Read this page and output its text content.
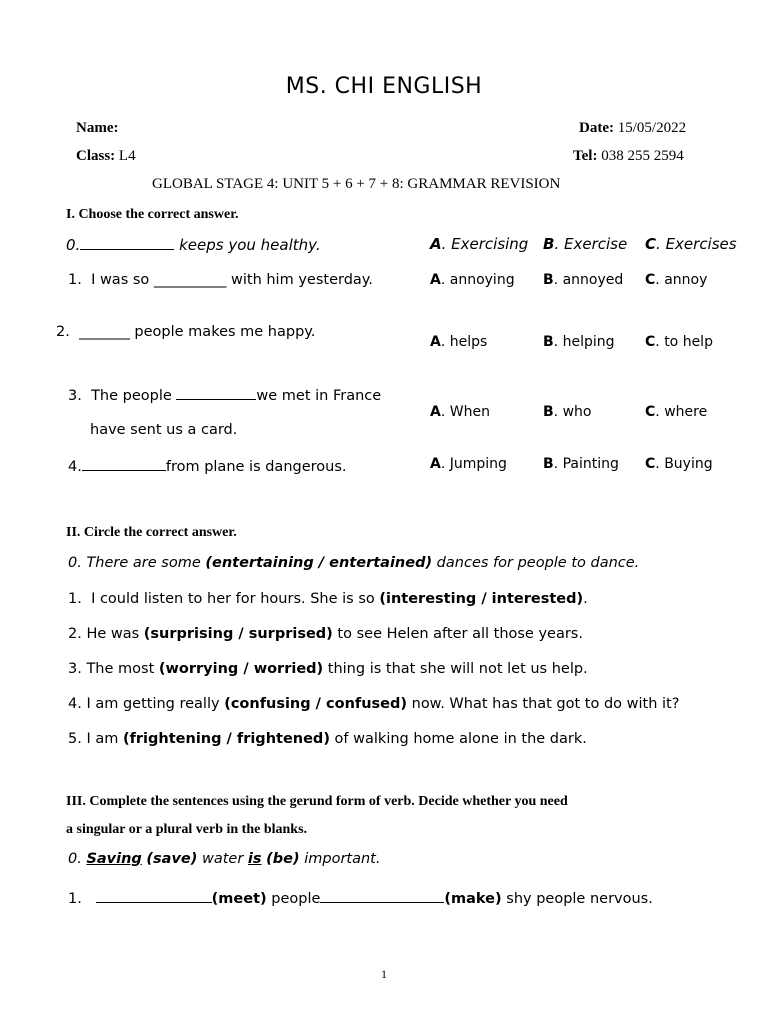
MS. CHI ENGLISH
Name:	Date: 15/05/2022
Class: L4	Tel: 038 255 2594
GLOBAL STAGE 4: UNIT 5 + 6 + 7 + 8: GRAMMAR REVISION
I. Choose the correct answer.
0.	keeps you healthy.	A. Exercising B. Exercise C. Exercises
1. I was so __________ with him yesterday.	A. annoying B. annoyed C. annoy
2. _______ people makes me happy.
A. helps	B. helping C. to help
3. The people	we met in France
have sent us a card.
A. When	B. who	C. where
4.	from plane is dangerous.	A. Jumping	B. Painting C. Buying
II. Circle the correct answer.
0. There are some (entertaining / entertained) dances for people to dance.
1. I could listen to her for hours. She is so (interesting / interested).
2. He was (surprising / surprised) to see Helen after all those years.
3. The most (worrying / worried) thing is that she will not let us help.
4. I am getting really (confusing / confused) now. What has that got to do with it?
5. I am (frightening / frightened) of walking home alone in the dark.
III. Complete the sentences using the gerund form of verb. Decide whether you need
a singular or a plural verb in the blanks.
0. Saving (save) water is (be) important.
1.	(meet) people	(make) shy people nervous.
1
